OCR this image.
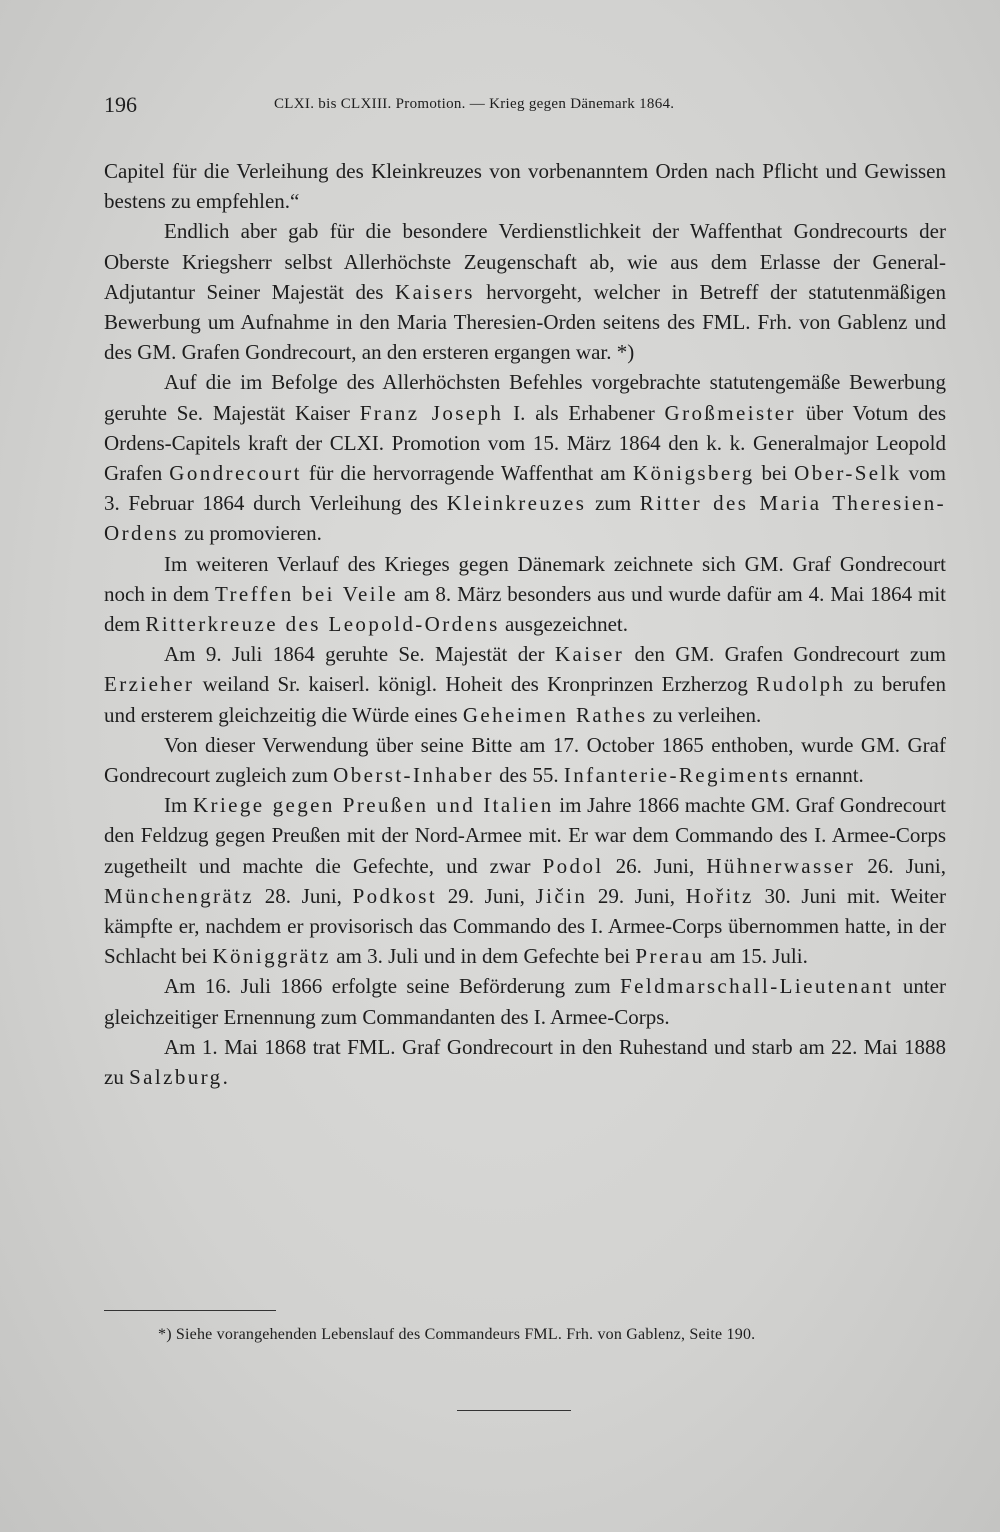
196	CLXI. bis CLXIII. Promotion. — Krieg gegen Dänemark 1864.

Capitel für die Verleihung des Kleinkreuzes von vorbenanntem Orden nach Pflicht und Gewissen bestens zu empfehlen.“

Endlich aber gab für die besondere Verdienstlichkeit der Waffenthat Gondrecourts der Oberste Kriegsherr selbst Allerhöchste Zeugenschaft ab, wie aus dem Erlasse der General-Adjutantur Seiner Majestät des Kaisers hervorgeht, welcher in Betreff der statutenmäßigen Bewerbung um Aufnahme in den Maria Theresien-Orden seitens des FML. Frh. von Gablenz und des GM. Grafen Gondrecourt, an den ersteren ergangen war. *)

Auf die im Befolge des Allerhöchsten Befehles vorgebrachte statutengemäße Bewerbung geruhte Se. Majestät Kaiser Franz Joseph I. als Erhabener Großmeister über Votum des Ordens-Capitels kraft der CLXI. Promotion vom 15. März 1864 den k. k. Generalmajor Leopold Grafen Gondrecourt für die hervorragende Waffenthat am Königsberg bei Ober-Selk vom 3. Februar 1864 durch Verleihung des Kleinkreuzes zum Ritter des Maria Theresien-Ordens zu promovieren.

Im weiteren Verlauf des Krieges gegen Dänemark zeichnete sich GM. Graf Gondrecourt noch in dem Treffen bei Veile am 8. März besonders aus und wurde dafür am 4. Mai 1864 mit dem Ritterkreuze des Leopold-Ordens ausgezeichnet.

Am 9. Juli 1864 geruhte Se. Majestät der Kaiser den GM. Grafen Gondrecourt zum Erzieher weiland Sr. kaiserl. königl. Hoheit des Kronprinzen Erzherzog Rudolph zu berufen und ersterem gleichzeitig die Würde eines Geheimen Rathes zu verleihen.

Von dieser Verwendung über seine Bitte am 17. October 1865 enthoben, wurde GM. Graf Gondrecourt zugleich zum Oberst-Inhaber des 55. Infanterie-Regiments ernannt.

Im Kriege gegen Preußen und Italien im Jahre 1866 machte GM. Graf Gondrecourt den Feldzug gegen Preußen mit der Nord-Armee mit. Er war dem Commando des I. Armee-Corps zugetheilt und machte die Gefechte, und zwar Podol 26. Juni, Hühnerwasser 26. Juni, Münchengrätz 28. Juni, Podkost 29. Juni, Jičin 29. Juni, Hořitz 30. Juni mit. Weiter kämpfte er, nachdem er provisorisch das Commando des I. Armee-Corps übernommen hatte, in der Schlacht bei Königgrätz am 3. Juli und in dem Gefechte bei Prerau am 15. Juli.

Am 16. Juli 1866 erfolgte seine Beförderung zum Feldmarschall-Lieutenant unter gleichzeitiger Ernennung zum Commandanten des I. Armee-Corps.

Am 1. Mai 1868 trat FML. Graf Gondrecourt in den Ruhestand und starb am 22. Mai 1888 zu Salzburg.

*) Siehe vorangehenden Lebenslauf des Commandeurs FML. Frh. von Gablenz, Seite 190.
